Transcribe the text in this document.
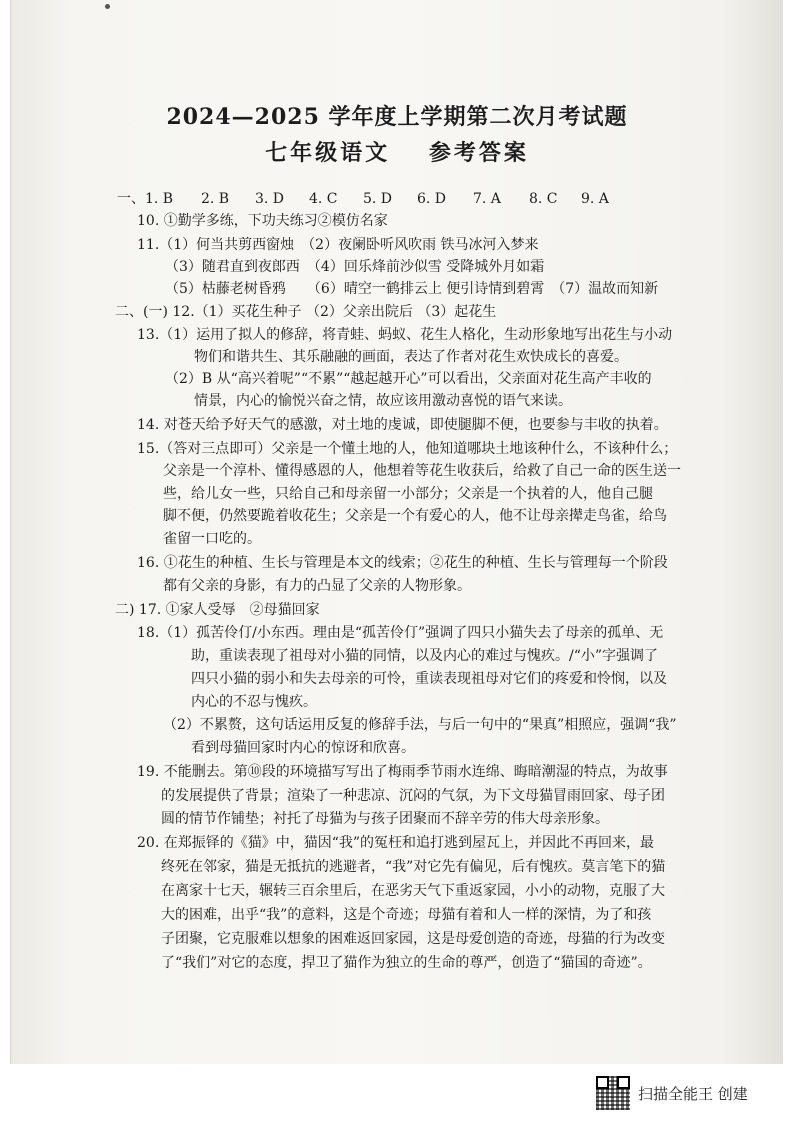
2024—2025 学年度上学期第二次月考试题
七年级语文 参考答案
一、1. B 2. B 3. D 4. C 5. D 6. D 7. A 8. C 9. A
10. ①勤学多练，下功夫练习②模仿名家
11.（1）何当共剪西窗烛　（2）夜阑卧听风吹雨 铁马冰河入梦来
（3）随君直到夜郎西　（4）回乐烽前沙似雪 受降城外月如霜
（5）枯藤老树昏鸦　　（6）晴空一鹤排云上 便引诗情到碧霄　（7）温故而知新
二、(一) 12.（1）买花生种子 （2）父亲出院后 （3）起花生
13.（1）运用了拟人的修辞，将青蛙、蚂蚁、花生人格化，生动形象地写出花生与小动
物们和谐共生、其乐融融的画面，表达了作者对花生欢快成长的喜爱。
（2）B 从“高兴着呢”“不累”“越起越开心”可以看出，父亲面对花生高产丰收的
情景，内心的愉悦兴奋之情，故应该用激动喜悦的语气来读。
14. 对苍天给予好天气的感激，对土地的虔诚，即使腿脚不便，也要参与丰收的执着。
15.（答对三点即可）父亲是一个懂土地的人，他知道哪块土地该种什么，不该种什么；
父亲是一个淳朴、懂得感恩的人，他想着等花生收获后，给救了自己一命的医生送一
些，给儿女一些，只给自己和母亲留一小部分；父亲是一个执着的人，他自己腿
脚不便，仍然要跪着收花生；父亲是一个有爱心的人，他不让母亲撵走鸟雀，给鸟
雀留一口吃的。
16. ①花生的种植、生长与管理是本文的线索；②花生的种植、生长与管理每一个阶段
都有父亲的身影，有力的凸显了父亲的人物形象。
二) 17. ①家人受辱　②母猫回家
18.（1）孤苦伶仃/小东西。理由是“孤苦伶仃”强调了四只小猫失去了母亲的孤单、无
助，重读表现了祖母对小猫的同情，以及内心的难过与愧疚。/“小”字强调了
四只小猫的弱小和失去母亲的可怜，重读表现祖母对它们的疼爱和怜悯，以及
内心的不忍与愧疚。
（2）不累赘，这句话运用反复的修辞手法，与后一句中的“果真”相照应，强调“我”
看到母猫回家时内心的惊讶和欣喜。
19. 不能删去。第⑩段的环境描写写出了梅雨季节雨水连绵、晦暗潮湿的特点，为故事
的发展提供了背景；渲染了一种悲凉、沉闷的气氛，为下文母猫冒雨回家、母子团
圆的情节作铺垫；衬托了母猫为与孩子团聚而不辞辛劳的伟大母亲形象。
20. 在郑振铎的《猫》中，猫因“我”的冤枉和追打逃到屋瓦上，并因此不再回来，最
终死在邻家，猫是无抵抗的逃避者，“我”对它先有偏见，后有愧疚。莫言笔下的猫
在离家十七天，辗转三百余里后，在恶劣天气下重返家园，小小的动物，克服了大
大的困难，出乎“我”的意料，这是个奇迹；母猫有着和人一样的深情，为了和孩
子团聚，它克服难以想象的困难返回家园，这是母爱创造的奇迹，母猫的行为改变
了“我们”对它的态度，捍卫了猫作为独立的生命的尊严，创造了“猫国的奇迹”。
扫描全能王 创建
